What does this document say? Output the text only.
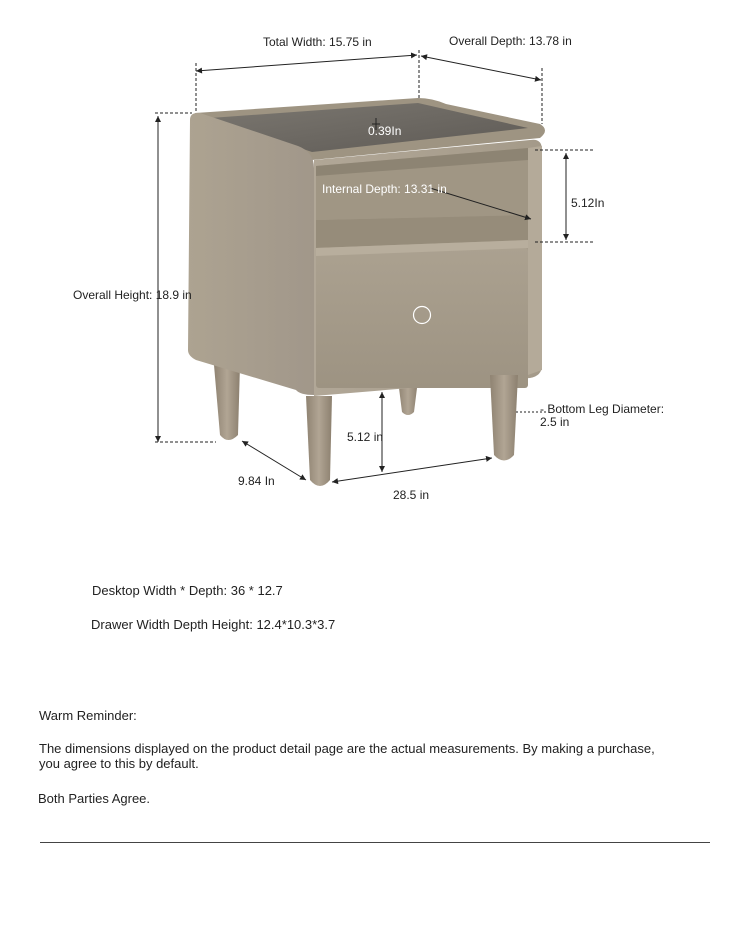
Total Width: 15.75 in	Overall Depth: 13.78 in
0.39In
Internal Depth: 13.31 in
5.12In
Overall Height: 18.9 in
- Bottom Leg Diameter:
2.5 in
5.12 in
9.84 In
28.5 in
Desktop Width * Depth: 36 * 12.7
Drawer Width Depth Height: 12.4*10.3*3.7
Warm Reminder:
The dimensions displayed on the product detail page are the actual measurements. By making a purchase, you agree to this by default.
Both Parties Agree.
